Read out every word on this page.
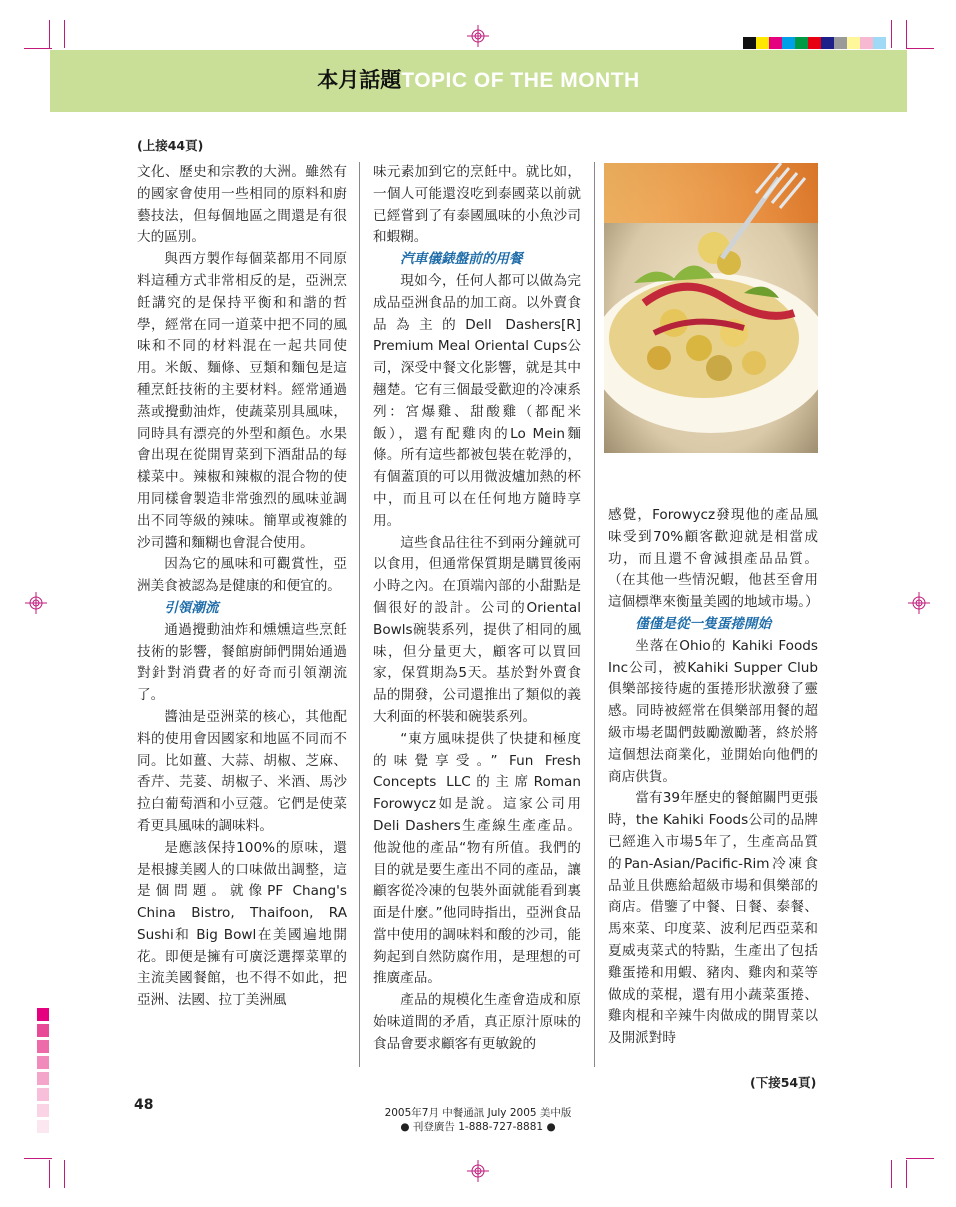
本月話題TOPIC OF THE MONTH
(上接44頁)

文化、歷史和宗教的大洲。雖然有的國家會使用一些相同的原料和廚藝技法，但每個地區之間還是有很大的區別。

與西方製作每個菜都用不同原料這種方式非常相反的是，亞洲烹飪講究的是保持平衡和和諧的哲學，經常在同一道菜中把不同的風味和不同的材料混在一起共同使用。米飯、麵條、豆類和麵包是這種烹飪技術的主要材料。經常通過蒸或攪動油炸，使蔬菜別具風味，同時具有漂亮的外型和顏色。水果會出現在從開胃菜到下酒甜品的每樣菜中。辣椒和辣椒的混合物的使用同樣會製造非常強烈的風味並調出不同等級的辣味。簡單或複雜的沙司醬和麵糊也會混合使用。

因為它的風味和可觀賞性，亞洲美食被認為是健康的和便宜的。

引領潮流

通過攪動油炸和燻燻這些烹飪技術的影響，餐館廚師們開始通過對針對消費者的好奇而引領潮流了。

醬油是亞洲菜的核心，其他配料的使用會因國家和地區不同而不同。比如薑、大蒜、胡椒、芝麻、香芹、芫荽、胡椒子、米酒、馬沙拉白葡萄酒和小豆蔻。它們是使菜肴更具風味的調味料。

是應該保持100%的原味，還是根據美國人的口味做出調整，這是個問題。就像PF Chang's China Bistro, Thaifoon, RA Sushi和 Big Bowl在美國遍地開花。即便是擁有可廣泛選擇菜單的主流美國餐館，也不得不如此，把亞洲、法國、拉丁美洲風

味元素加到它的烹飪中。就比如，一個人可能還沒吃到泰國菜以前就已經嘗到了有泰國風味的小魚沙司和蝦糊。

汽車儀錶盤前的用餐

現如今，任何人都可以做為完成品亞洲食品的加工商。以外賣食品為主的Dell Dashers[R] Premium Meal Oriental Cups公司，深受中餐文化影響，就是其中翹楚。它有三個最受歡迎的冷凍系列：宮爆雞、甜酸雞（都配米飯），還有配雞肉的Lo Mein麵條。所有這些都被包裝在乾淨的，有個蓋頂的可以用微波爐加熱的杯中，而且可以在任何地方隨時享用。

這些食品往往不到兩分鐘就可以食用，但通常保質期是購買後兩小時之內。在頂端內部的小甜點是個很好的設計。公司的Oriental Bowls碗裝系列，提供了相同的風味，但分量更大，顧客可以買回家，保質期為5天。基於對外賣食品的開發，公司還推出了類似的義大利面的杯裝和碗裝系列。

“東方風味提供了快捷和極度的味覺享受。” Fun Fresh Concepts LLC的主席Roman Forowycz如是說。這家公司用Deli Dashers生產線生產產品。他說他的產品“物有所值。我們的目的就是要生產出不同的產品，讓顧客從冷凍的包裝外面就能看到裏面是什麼。”他同時指出，亞洲食品當中使用的調味料和酸的沙司，能夠起到自然防腐作用，是理想的可推廣產品。

產品的規模化生產會造成和原始味道間的矛盾，真正原汁原味的食品會要求顧客有更敏銳的

感覺，Forowycz發現他的產品風味受到70%顧客歡迎就是相當成功，而且還不會減損產品品質。（在其他一些情況蝦，他甚至會用這個標準來衡量美國的地域市場。）

僅僅是從一隻蛋捲開始

坐落在Ohio的 Kahiki Foods Inc公司，被Kahiki Supper Club俱樂部接待處的蛋捲形狀激發了靈感。同時被經常在俱樂部用餐的超級市場老闆們鼓勵激勵著，終於將這個想法商業化，並開始向他們的商店供貨。

當有39年歷史的餐館關門更張時，the Kahiki Foods公司的品牌已經進入市場5年了，生產高品質的Pan-Asian/Pacific-Rim冷凍食品並且供應給超級市場和俱樂部的商店。借鑒了中餐、日餐、泰餐、馬來菜、印度菜、波利尼西亞菜和夏威夷菜式的特點，生產出了包括雞蛋捲和用蝦、豬肉、雞肉和菜等做成的菜棍，還有用小蔬菜蛋捲、雞肉棍和辛辣牛肉做成的開胃菜以及開派對時

(下接54頁)
48	2005年7月 中餐通訊 July 2005 美中版
● 刊登廣告 1-888-727-8881 ●
